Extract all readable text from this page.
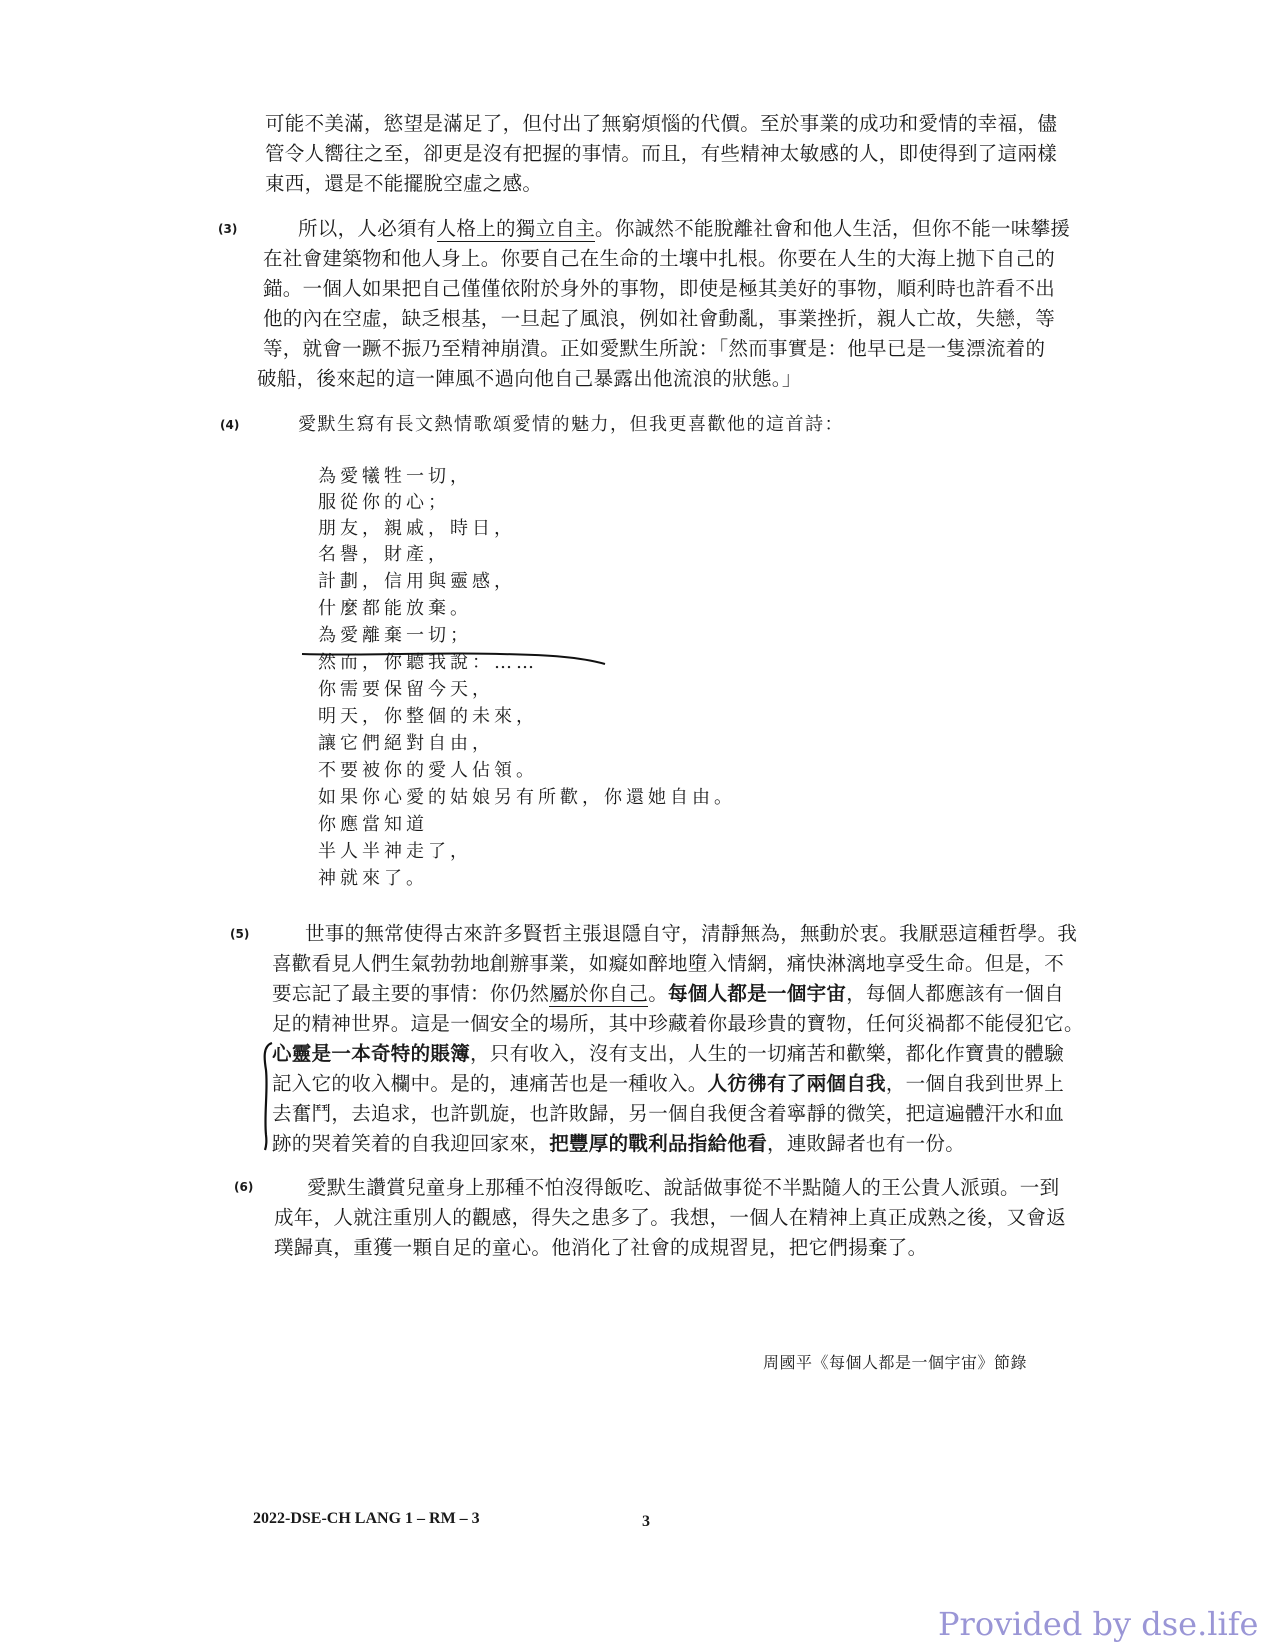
可能不美滿，慾望是滿足了，但付出了無窮煩惱的代價。至於事業的成功和愛情的幸福，儘
管令人嚮往之至，卻更是沒有把握的事情。而且，有些精神太敏感的人，即使得到了這兩樣
東西，還是不能擺脫空虛之感。
(3)	所以，人必須有人格上的獨立自主。你誠然不能脫離社會和他人生活，但你不能一味攀援
在社會建築物和他人身上。你要自己在生命的土壤中扎根。你要在人生的大海上拋下自己的
錨。一個人如果把自己僅僅依附於身外的事物，即使是極其美好的事物，順利時也許看不出
他的內在空虛，缺乏根基，一旦起了風浪，例如社會動亂，事業挫折，親人亡故，失戀，等
等，就會一蹶不振乃至精神崩潰。正如愛默生所說：「然而事實是：他早已是一隻漂流着的
破船，後來起的這一陣風不過向他自己暴露出他流浪的狀態。」
(4)	愛默生寫有長文熱情歌頌愛情的魅力，但我更喜歡他的這首詩：
為愛犧牲一切，
服從你的心；
朋友，親戚，時日，
名譽，財產，
計劃，信用與靈感，
什麼都能放棄。
為愛離棄一切；
然而，你聽我說：……
你需要保留今天，
明天，你整個的未來，
讓它們絕對自由，
不要被你的愛人佔領。
如果你心愛的姑娘另有所歡，你還她自由。
你應當知道
半人半神走了，
神就來了。
(5)	世事的無常使得古來許多賢哲主張退隱自守，清靜無為，無動於衷。我厭惡這種哲學。我
喜歡看見人們生氣勃勃地創辦事業，如癡如醉地墮入情網，痛快淋漓地享受生命。但是，不
要忘記了最主要的事情：你仍然屬於你自己。每個人都是一個宇宙，每個人都應該有一個自
足的精神世界。這是一個安全的場所，其中珍藏着你最珍貴的寶物，任何災禍都不能侵犯它。
心靈是一本奇特的賬簿，只有收入，沒有支出，人生的一切痛苦和歡樂，都化作寶貴的體驗
記入它的收入欄中。是的，連痛苦也是一種收入。人彷彿有了兩個自我，一個自我到世界上
去奮鬥，去追求，也許凱旋，也許敗歸，另一個自我便含着寧靜的微笑，把這遍體汗水和血
跡的哭着笑着的自我迎回家來，把豐厚的戰利品指給他看，連敗歸者也有一份。
(6)	愛默生讚賞兒童身上那種不怕沒得飯吃、說話做事從不半點隨人的王公貴人派頭。一到
成年，人就注重別人的觀感，得失之患多了。我想，一個人在精神上真正成熟之後，又會返
璞歸真，重獲一顆自足的童心。他消化了社會的成規習見，把它們揚棄了。
周國平《每個人都是一個宇宙》節錄
2022-DSE-CH LANG 1 – RM – 3	3
Provided by dse.life
